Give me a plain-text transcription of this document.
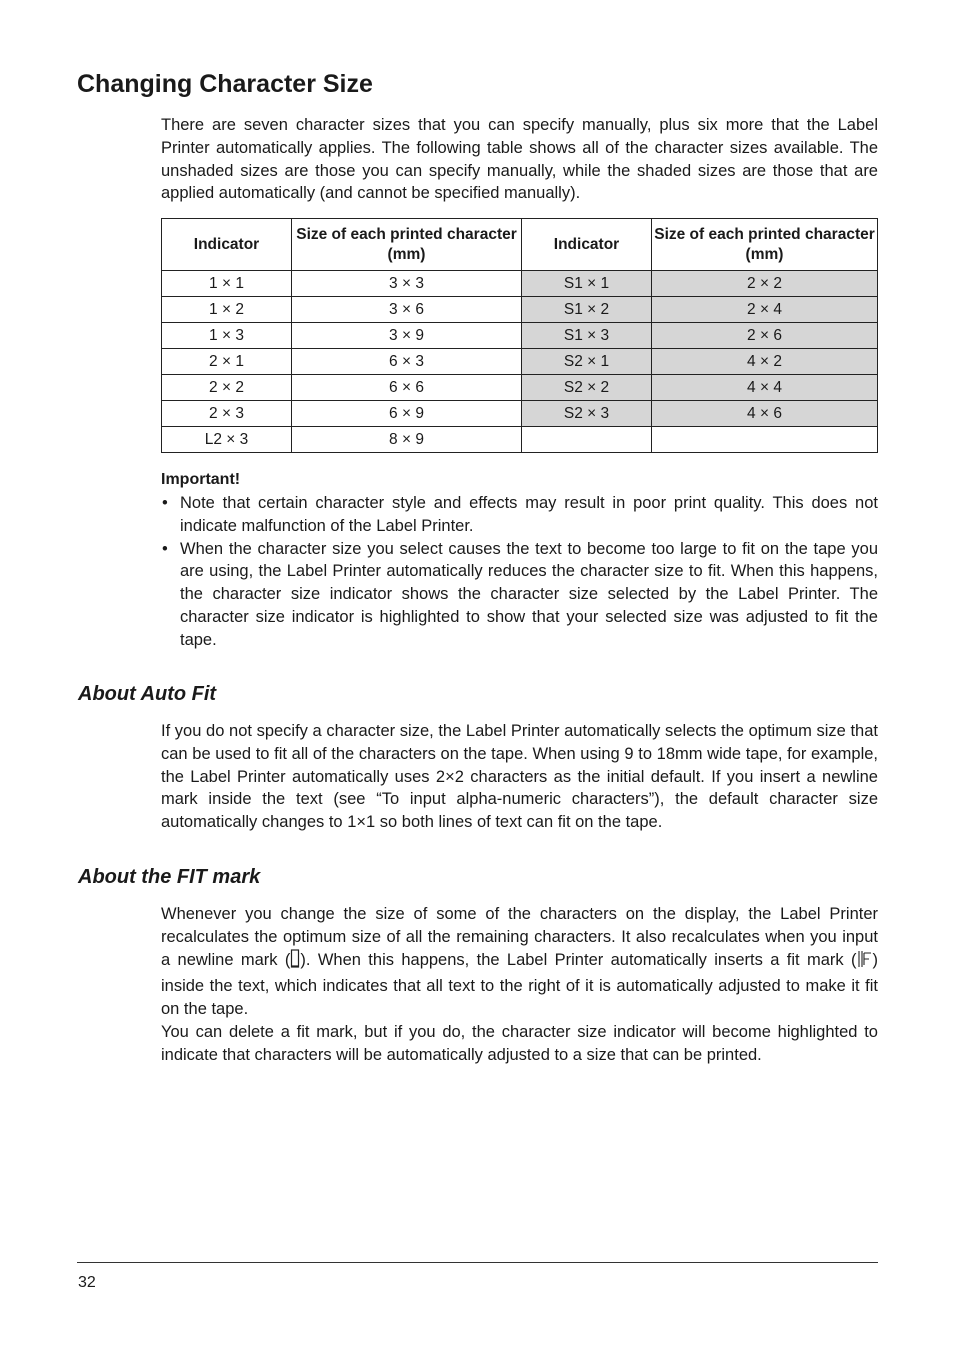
Changing Character Size

There are seven character sizes that you can specify manually, plus six more that the Label Printer automatically applies. The following table shows all of the character sizes available. The unshaded sizes are those you can specify manually, while the shaded sizes are those that are applied automatically (and cannot be specified manually).

Indicator	Size of each printed character (mm)	Indicator	Size of each printed character (mm)
1 × 1	3 × 3	S1 × 1	2 × 2
1 × 2	3 × 6	S1 × 2	2 × 4
1 × 3	3 × 9	S1 × 3	2 × 6
2 × 1	6 × 3	S2 × 1	4 × 2
2 × 2	6 × 6	S2 × 2	4 × 4
2 × 3	6 × 9	S2 × 3	4 × 6
L2 × 3	8 × 9		
Important!
• Note that certain character style and effects may result in poor print quality. This does not indicate malfunction of the Label Printer.
• When the character size you select causes the text to become too large to fit on the tape you are using, the Label Printer automatically reduces the character size to fit. When this happens, the character size indicator shows the character size selected by the Label Printer. The character size indicator is highlighted to show that your selected size was adjusted to fit the tape.
About Auto Fit

If you do not specify a character size, the Label Printer automatically selects the optimum size that can be used to fit all of the characters on the tape. When using 9 to 18mm wide tape, for example, the Label Printer automatically uses 2×2 characters as the initial default. If you insert a newline mark inside the text (see “To input alpha-numeric characters”), the default character size automatically changes to 1×1 so both lines of text can fit on the tape.

About the FIT mark

Whenever you change the size of some of the characters on the display, the Label Printer recalculates the optimum size of all the remaining characters. It also recalculates when you input a newline mark ( ). When this happens, the Label Printer automatically inserts a fit mark ( ) inside the text, which indicates that all text to the right of it is automatically adjusted to make it fit on the tape.
You can delete a fit mark, but if you do, the character size indicator will become highlighted to indicate that characters will be automatically adjusted to a size that can be printed.

32
